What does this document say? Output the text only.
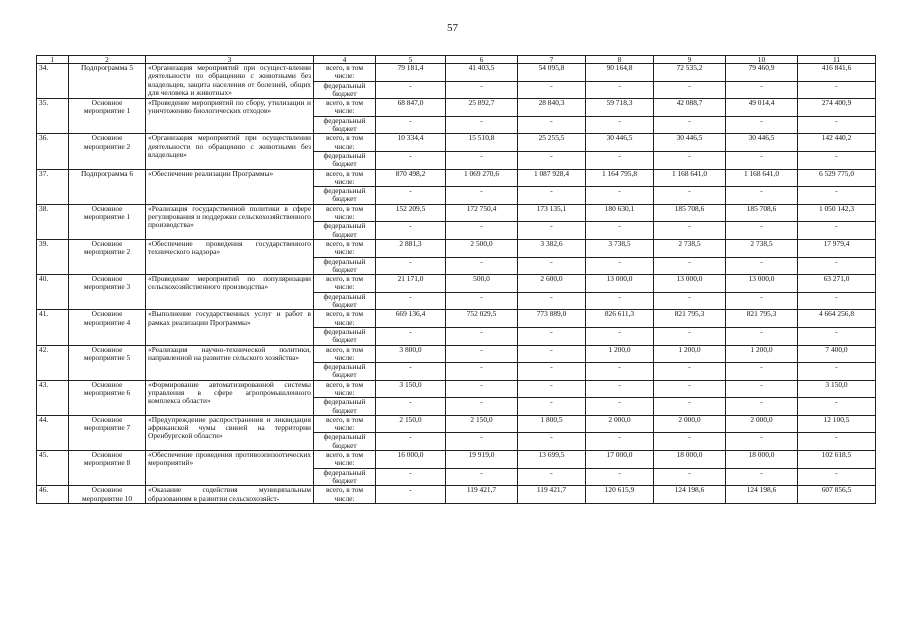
57
1	2	3	4	5	6	7	8	9	10	11
34.	Подпрограмма 5	«Организация мероприятий при осущест-влении деятельности по обращению с животными без владельцев, защита населения от болезней, общих для человека и животных»	всего, в том числе:	79 181,4	41 403,5	54 095,8	90 164,8	72 535,2	79 460,9	416 841,6
			федеральный бюджет	-	-	-	-	-	-	-
35.	Основное мероприятие 1	«Проведение мероприятий по сбору, утилизации и уничтожению биологических отходов»	всего, в том числе:	68 847,0	25 892,7	28 840,3	59 718,3	42 088,7	49 014,4	274 400,9
			федеральный бюджет	-	-	-	-	-	-	-
36.	Основное мероприятие 2	«Организация мероприятий при осуществлении деятельности по обращению с животными без владельцев»	всего, в том числе:	10 334,4	15 510,8	25 255,5	30 446,5	30 446,5	30 446,5	142 440,2
			федеральный бюджет	-	-	-	-	-	-	-
37.	Подпрограмма 6	«Обеспечение реализации Программы»	всего, в том числе:	870 498,2	1 069 270,6	1 087 928,4	1 164 795,8	1 168 641,0	1 168 641,0	6 529 775,0
			федеральный бюджет	-	-	-	-	-	-	-
38.	Основное мероприятие 1	«Реализация государственной политики в сфере регулирования и поддержки сельскохозяйственного производства»	всего, в том числе:	152 209,5	172 750,4	173 135,1	180 630,1	185 708,6	185 708,6	1 050 142,3
			федеральный бюджет	-	-	-	-	-	-	-
39.	Основное мероприятие 2	«Обеспечение проведения государственного технического надзора»	всего, в том числе:	2 881,3	2 500,0	3 382,6	3 738,5	2 738,5	2 738,5	17 979,4
			федеральный бюджет	-	-	-	-	-	-	-
40.	Основное мероприятие 3	«Проведение мероприятий по популяризации сельскохозяйственного производства»	всего, в том числе:	21 171,0	500,0	2 600,0	13 000,0	13 000,0	13 000,0	63 271,0
			федеральный бюджет	-	-	-	-	-	-	-
41.	Основное мероприятие 4	«Выполнение государственных услуг и работ в рамках реализации Программы»	всего, в том числе:	669 136,4	752 029,5	773 889,0	826 611,3	821 795,3	821 795,3	4 664 256,8
			федеральный бюджет	-	-	-	-	-	-	-
42.	Основное мероприятие 5	«Реализация научно-технической политики, направленной на развитие сельского хозяйства»	всего, в том числе:	3 800,0	-	-	1 200,0	1 200,0	1 200,0	7 400,0
			федеральный бюджет	-	-	-	-	-	-	-
43.	Основное мероприятие 6	«Формирование автоматизированной системы управления в сфере агропромышленного комплекса области»	всего, в том числе:	3 150,0	-	-	-	-	-	3 150,0
			федеральный бюджет	-	-	-	-	-	-	-
44.	Основное мероприятие 7	«Предупреждение распространения и ликвидация африканской чумы свиней на территории Оренбургской области»	всего, в том числе:	2 150,0	2 150,0	1 800,5	2 000,0	2 000,0	2 000,0	12 100,5
			федеральный бюджет	-	-	-	-	-	-	-
45.	Основное мероприятие 8	«Обеспечение проведения противоэпизоотических мероприятий»	всего, в том числе:	16 000,0	19 919,0	13 699,5	17 000,0	18 000,0	18 000,0	102 618,5
			федеральный бюджет	-	-	-	-	-	-	-
46.	Основное мероприятие 10	«Оказание содействия муниципальным образованиям в развитии сельскохозяйст-	всего, в том числе:	-	119 421,7	119 421,7	120 615,9	124 198,6	124 198,6	607 856,5
